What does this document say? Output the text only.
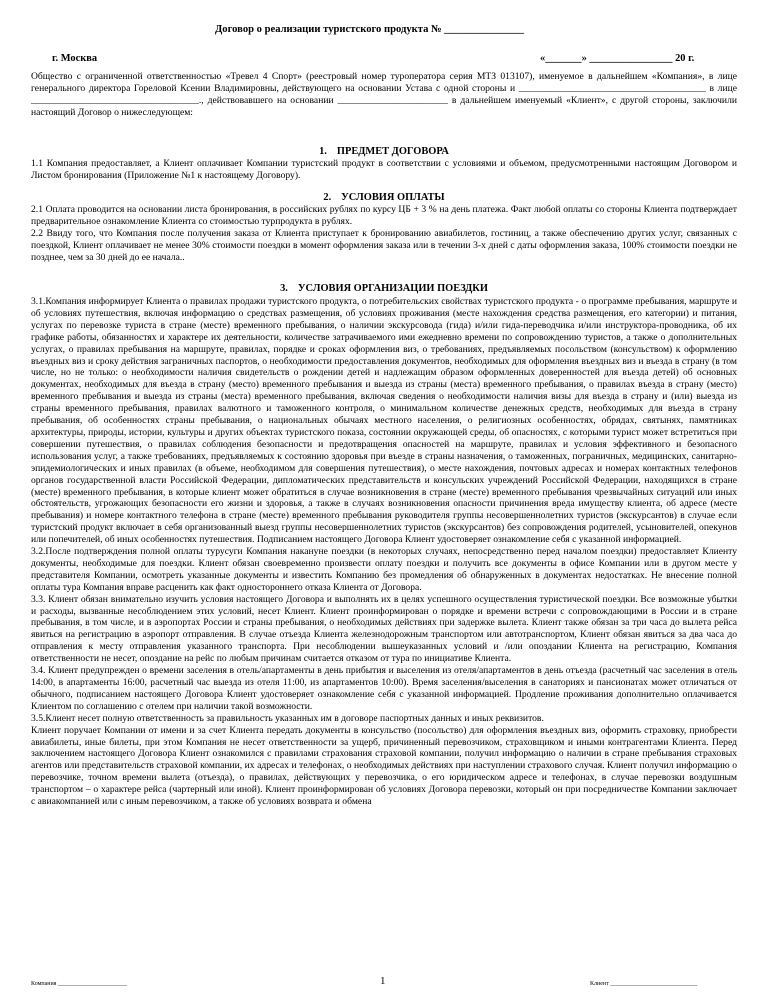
Договор о реализации туристского продукта № _______________
г. Москва	«_______» ________________ 20 г.
Общество с ограниченной ответственностью «Тревел 4 Спорт» (реестровый номер туроператора серия МТЗ 013107), именуемое в дальнейшем «Компания», в лице генерального директора Гореловой Ксении Владимировны, действующего на основании Устава с одной стороны и _______________________________________ в лице ___________________________________., действовавшего на основании _______________________ в дальнейшем именуемый «Клиент», с другой стороны, заключили настоящий Договор о нижеследующем:
1. ПРЕДМЕТ ДОГОВОРА
1.1 Компания предоставляет, а Клиент оплачивает Компании туристский продукт в соответствии с условиями и объемом, предусмотренными настоящим Договором и Листом бронирования (Приложение №1 к настоящему Договору).
2. УСЛОВИЯ ОПЛАТЫ
2.1 Оплата проводится на основании листа бронирования, в российских рублях по курсу ЦБ + 3 % на день платежа. Факт любой оплаты со стороны Клиента подтверждает предварительное ознакомление Клиента со стоимостью турпродукта в рублях.
2.2 Ввиду того, что Компания после получения заказа от Клиента приступает к бронированию авиабилетов, гостиниц, а также обеспечению других услуг, связанных с поездкой, Клиент оплачивает не менее 30% стоимости поездки в момент оформления заказа или в течении 3-х дней с даты оформления заказа, 100% стоимости поездки не позднее, чем за 30 дней до ее начала..
3. УСЛОВИЯ ОРГАНИЗАЦИИ ПОЕЗДКИ
3.1.Компания информирует Клиента о правилах продажи туристского продукта, о потребительских свойствах туристского продукта - о программе пребывания, маршруте и об условиях путешествия, включая информацию о средствах размещения, об условиях проживания (месте нахождения средства размещения, его категории) и питания, услугах по перевозке туриста в стране (месте) временного пребывания, о наличии экскурсовода (гида) и/или гида-переводчика и/или инструктора-проводника, об их графике работы, обязанностях и характере их деятельности, количестве затрачиваемого ими ежедневно времени по сопровождению туристов, а также о дополнительных услугах, о правилах пребывания на маршруте, правилах, порядке и сроках оформления виз, о требованиях, предъявляемых посольством (консульством) к оформлению въездных виз и сроку действия заграничных паспортов, о необходимости предоставления документов, необходимых для оформления въездных виз и въезда в страну (в том числе, но не только: о необходимости наличия свидетельств о рождении детей и надлежащим образом оформленных доверенностей для въезда детей) об основных документах, необходимых для въезда в страну (место) временного пребывания и выезда из страны (места) временного пребывания, о правилах въезда в страну (место) временного пребывания и выезда из страны (места) временного пребывания, включая сведения о необходимости наличия визы для въезда в страну и (или) выезда из страны временного пребывания, правилах валютного и таможенного контроля, о минимальном количестве денежных средств, необходимых для въезда в страну пребывания, об особенностях страны пребывания, о национальных обычаях местного населения, о религиозных особенностях, обрядах, святынях, памятниках архитектуры, природы, истории, культуры и других объектах туристского показа, состоянии окружающей среды, об опасностях, с которыми турист может встретиться при совершении путешествия, о правилах соблюдения безопасности и предотвращения опасностей на маршруте, правилах и условия эффективного и безопасного использования услуг, а также требованиях, предъявляемых к состоянию здоровья при въезде в страны назначения, о таможенных, пограничных, медицинских, санитарно-эпидемиологических и иных правилах (в объеме, необходимом для совершения путешествия), о месте нахождения, почтовых адресах и номерах контактных телефонов органов государственной власти Российской Федерации, дипломатических представительств и консульских учреждений Российской Федерации, находящихся в стране (месте) временного пребывания, в которые клиент может обратиться в случае возникновения в стране (месте) временного пребывания чрезвычайных ситуаций или иных обстоятельств, угрожающих безопасности его жизни и здоровья, а также в случаях возникновения опасности причинения вреда имуществу клиента, об адресе (месте пребывания) и номере контактного телефона в стране (месте) временного пребывания руководителя группы несовершеннолетних туристов (экскурсантов) в случае если туристский продукт включает в себя организованный выезд группы несовершеннолетних туристов (экскурсантов) без сопровождения родителей, усыновителей, опекунов или попечителей, об иных особенностях путешествия. Подписанием настоящего Договора Клиент удостоверяет ознакомление себя с указанной информацией.
3.2.После подтверждения полной оплаты турусуги Компания накануне поездки (в некоторых случаях, непосредственно перед началом поездки) предоставляет Клиенту документы, необходимые для поездки. Клиент обязан своевременно произвести оплату поездки и получить все документы в офисе Компании или в другом месте у представителя Компании, осмотреть указанные документы и известить Компанию без промедления об обнаруженных в документах недостатках. Не внесение полной оплаты тура Компания вправе расценить как факт одностороннего отказа Клиента от Договора.
3.3. Клиент обязан внимательно изучить условия настоящего Договора и выполнять их в целях успешного осуществления туристической поездки. Все возможные убытки и расходы, вызванные несоблюдением этих условий, несет Клиент. Клиент проинформирован о порядке и времени встречи с сопровождающими в России и в стране пребывания, в том числе, и в аэропортах России и страны пребывания, о необходимых действиях при задержке вылета. Клиент также обязан за три часа до вылета рейса явиться на регистрацию в аэропорт отправления. В случае отъезда Клиента железнодорожным транспортом или автотранспортом, Клиент обязан явиться за два часа до отправления к месту отправления указанного транспорта. При несоблюдении вышеуказанных условий и /или опоздании Клиента на регистрацию, Компания ответственности не несет, опоздание на рейс по любым причинам считается отказом от тура по инициативе Клиента.
3.4. Клиент предупрежден о времени заселения в отель/апартаменты в день прибытия и выселения из отеля/апартаментов в день отъезда (расчетный час заселения в отель 14:00, в апартаменты 16:00, расчетный час выезда из отеля 11:00, из апартаментов 10:00). Время заселения/выселения в санаториях и пансионатах может отличаться от обычного, подписанием настоящего Договора Клиент удостоверяет ознакомление себя с указанной информацией. Продление проживания дополнительно оплачивается Клиентом по соглашению с отелем при наличии такой возможности.
3.5.Клиент несет полную ответственность за правильность указанных им в договоре паспортных данных и иных реквизитов.
Клиент поручает Компании от имени и за счет Клиента передать документы в консульство (посольство) для оформления въездных виз, оформить страховку, приобрести авиабилеты, иные билеты, при этом Компания не несет ответственности за ущерб, причиненный перевозчиком, страховщиком и иными контрагентами Клиента. Перед заключением настоящего Договора Клиент ознакомился с правилами страхования страховой компании, получил информацию о наличии в стране пребывания страховых агентов или представительств страховой компании, их адресах и телефонах, о необходимых действиях при наступлении страхового случая. Клиент получил информацию о перевозчике, точном времени вылета (отъезда), о правилах, действующих у перевозчика, о его юридическом адресе и телефонах, в случае перевозки воздушным транспортом – о характере рейса (чартерный или иной). Клиент проинформирован об условиях Договора перевозки, который он при посредничестве Компании заключает с авиакомпанией или с иным перевозчиком, а также об условиях возврата и обмена
Компания _______________________	1	Клиент _____________________________
